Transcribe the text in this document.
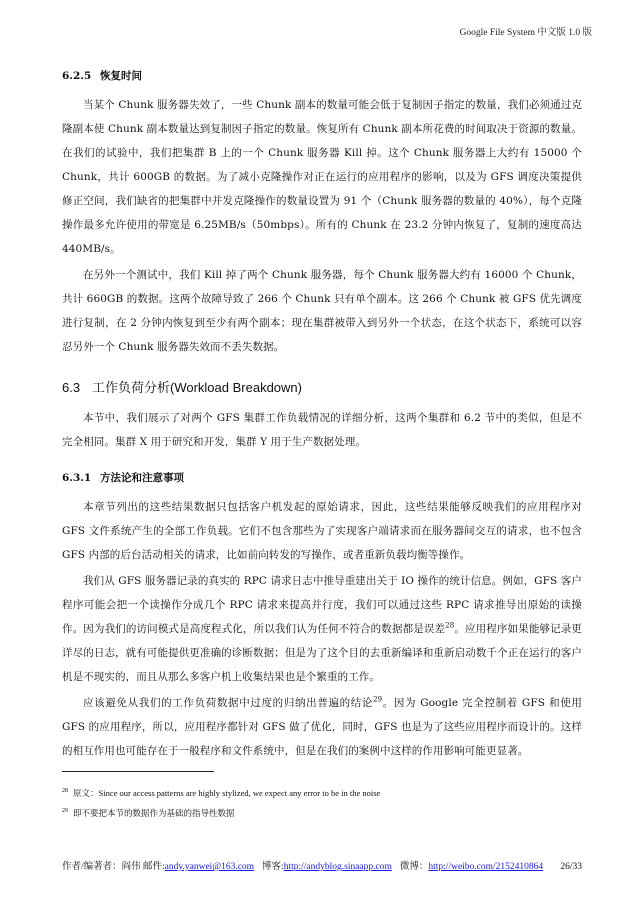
Google File System 中文版 1.0 版
6.2.5 恢复时间

当某个 Chunk 服务器失效了，一些 Chunk 副本的数量可能会低于复制因子指定的数量，我们必须通过克隆副本使 Chunk 副本数量达到复制因子指定的数量。恢复所有 Chunk 副本所花费的时间取决于资源的数量。在我们的试验中，我们把集群 B 上的一个 Chunk 服务器 Kill 掉。这个 Chunk 服务器上大约有 15000 个 Chunk，共计 600GB 的数据。为了减小克隆操作对正在运行的应用程序的影响，以及为 GFS 调度决策提供修正空间，我们缺省的把集群中并发克隆操作的数量设置为 91 个（Chunk 服务器的数量的 40%），每个克隆操作最多允许使用的带宽是 6.25MB/s（50mbps）。所有的 Chunk 在 23.2 分钟内恢复了，复制的速度高达 440MB/s。

在另外一个测试中，我们 Kill 掉了两个 Chunk 服务器，每个 Chunk 服务器大约有 16000 个 Chunk，共计 660GB 的数据。这两个故障导致了 266 个 Chunk 只有单个副本。这 266 个 Chunk 被 GFS 优先调度进行复制，在 2 分钟内恢复到至少有两个副本；现在集群被带入到另外一个状态，在这个状态下，系统可以容忍另外一个 Chunk 服务器失效而不丢失数据。

6.3 工作负荷分析(Workload Breakdown)

本节中，我们展示了对两个 GFS 集群工作负载情况的详细分析，这两个集群和 6.2 节中的类似，但是不完全相同。集群 X 用于研究和开发，集群 Y 用于生产数据处理。

6.3.1 方法论和注意事项

本章节列出的这些结果数据只包括客户机发起的原始请求，因此，这些结果能够反映我们的应用程序对 GFS 文件系统产生的全部工作负载。它们不包含那些为了实现客户端请求而在服务器间交互的请求，也不包含 GFS 内部的后台活动相关的请求，比如前向转发的写操作，或者重新负载均衡等操作。

我们从 GFS 服务器记录的真实的 RPC 请求日志中推导重建出关于 IO 操作的统计信息。例如，GFS 客户程序可能会把一个读操作分成几个 RPC 请求来提高并行度，我们可以通过这些 RPC 请求推导出原始的读操作。因为我们的访问模式是高度程式化，所以我们认为任何不符合的数据都是误差$^{28}$。应用程序如果能够记录更详尽的日志，就有可能提供更准确的诊断数据；但是为了这个目的去重新编译和重新启动数千个正在运行的客户机是不现实的，而且从那么多客户机上收集结果也是个繁重的工作。

应该避免从我们的工作负荷数据中过度的归纳出普遍的结论$^{29}$。因为 Google 完全控制着 GFS 和使用 GFS 的应用程序，所以，应用程序都针对 GFS 做了优化，同时，GFS 也是为了这些应用程序而设计的。这样的相互作用也可能存在于一般程序和文件系统中，但是在我们的案例中这样的作用影响可能更显著。

$^{28}$ 原文：Since our access patterns are highly stylized, we expect any error to be in the noise
$^{29}$ 即不要把本节的数据作为基础的指导性数据
作者/编著者：阎伟 邮件: andy.yanwei@163.com 博客: http://andyblog.sinaapp.com 微博： http://weibo.com/2152410864 26/33
